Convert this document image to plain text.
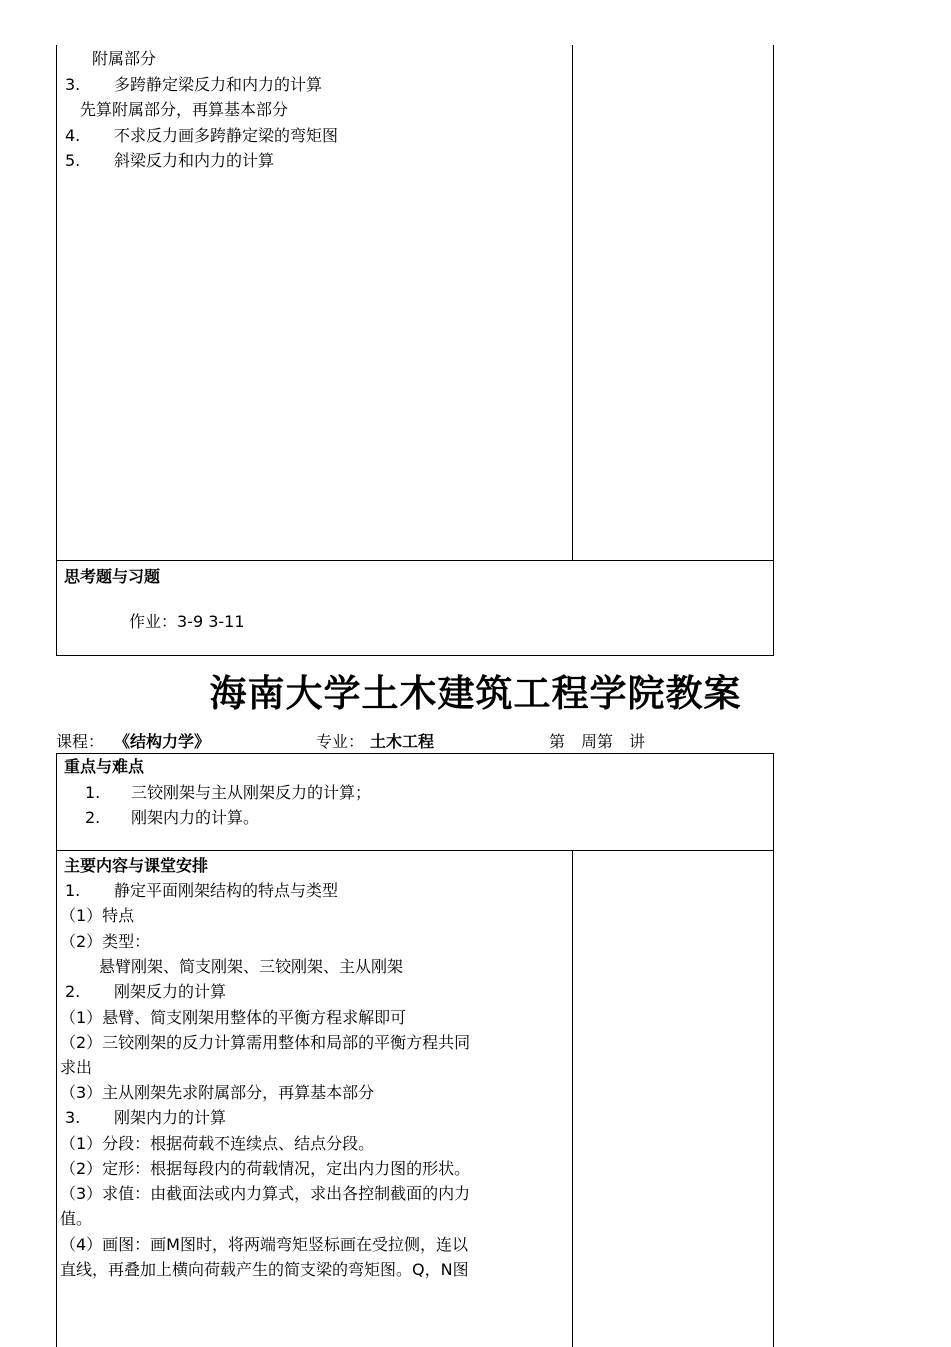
附属部分
3. 多跨静定梁反力和内力的计算
先算附属部分，再算基本部分
4. 不求反力画多跨静定梁的弯矩图
5. 斜梁反力和内力的计算
思考题与习题
作业：3-9 3-11
海南大学土木建筑工程学院教案
课程： 《结构力学》	专业： 土木工程	第　周第　讲
重点与难点
1. 三铰刚架与主从刚架反力的计算；
2. 刚架内力的计算。
主要内容与课堂安排
1. 静定平面刚架结构的特点与类型
（1）特点
（2）类型：
悬臂刚架、简支刚架、三铰刚架、主从刚架
2. 刚架反力的计算
（1）悬臂、简支刚架用整体的平衡方程求解即可
（2）三铰刚架的反力计算需用整体和局部的平衡方程共同
求出
（3）主从刚架先求附属部分，再算基本部分
3. 刚架内力的计算
（1）分段：根据荷载不连续点、结点分段。
（2）定形：根据每段内的荷载情况，定出内力图的形状。
（3）求值：由截面法或内力算式，求出各控制截面的内力
值。
（4）画图：画M图时，将两端弯矩竖标画在受拉侧，连以
直线，再叠加上横向荷载产生的简支梁的弯矩图。Q，N图
